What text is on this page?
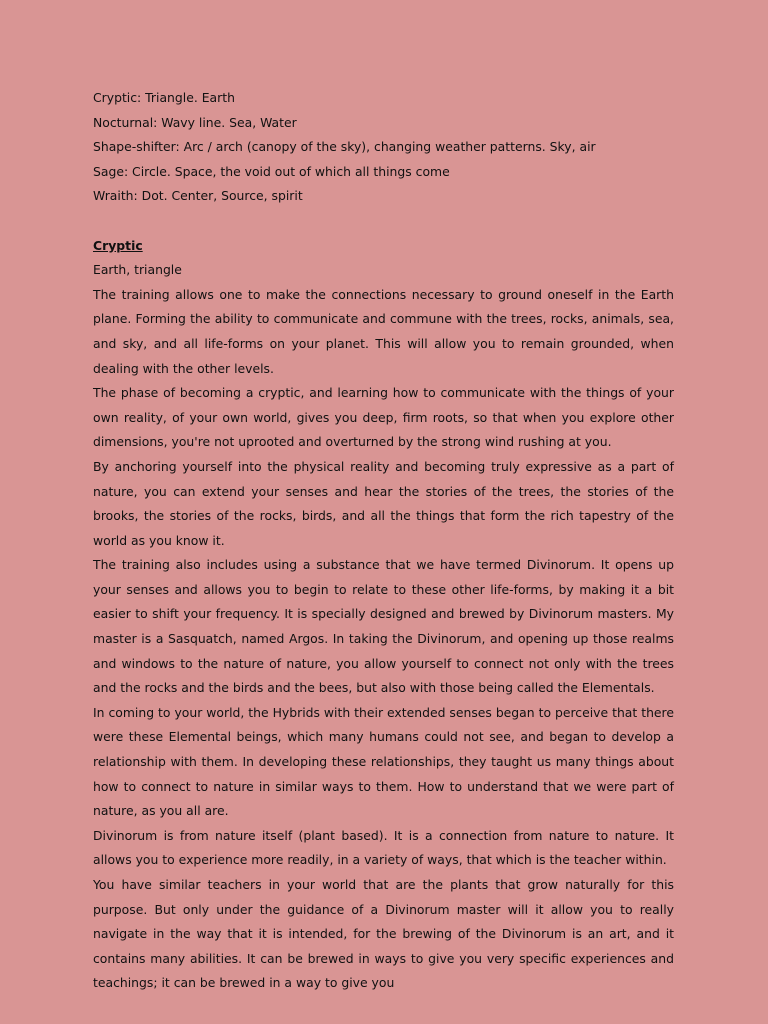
Cryptic: Triangle. Earth

Nocturnal: Wavy line. Sea, Water

Shape-shifter: Arc / arch (canopy of the sky), changing weather patterns. Sky, air

Sage: Circle. Space, the void out of which all things come

Wraith: Dot. Center, Source, spirit

Cryptic

Earth, triangle

The training allows one to make the connections necessary to ground oneself in the Earth plane. Forming the ability to communicate and commune with the trees, rocks, animals, sea, and sky, and all life-forms on your planet. This will allow you to remain grounded, when dealing with the other levels.

The phase of becoming a cryptic, and learning how to communicate with the things of your own reality, of your own world, gives you deep, firm roots, so that when you explore other dimensions, you're not uprooted and overturned by the strong wind rushing at you.

By anchoring yourself into the physical reality and becoming truly expressive as a part of nature, you can extend your senses and hear the stories of the trees, the stories of the brooks, the stories of the rocks, birds, and all the things that form the rich tapestry of the world as you know it.

The training also includes using a substance that we have termed Divinorum. It opens up your senses and allows you to begin to relate to these other life-forms, by making it a bit easier to shift your frequency. It is specially designed and brewed by Divinorum masters. My master is a Sasquatch, named Argos. In taking the Divinorum, and opening up those realms and windows to the nature of nature, you allow yourself to connect not only with the trees and the rocks and the birds and the bees, but also with those being called the Elementals.

In coming to your world, the Hybrids with their extended senses began to perceive that there were these Elemental beings, which many humans could not see, and began to develop a relationship with them. In developing these relationships, they taught us many things about how to connect to nature in similar ways to them. How to understand that we were part of nature, as you all are.

Divinorum is from nature itself (plant based). It is a connection from nature to nature. It allows you to experience more readily, in a variety of ways, that which is the teacher within.

You have similar teachers in your world that are the plants that grow naturally for this purpose. But only under the guidance of a Divinorum master will it allow you to really navigate in the way that it is intended, for the brewing of the Divinorum is an art, and it contains many abilities. It can be brewed in ways to give you very specific experiences and teachings; it can be brewed in a way to give you
